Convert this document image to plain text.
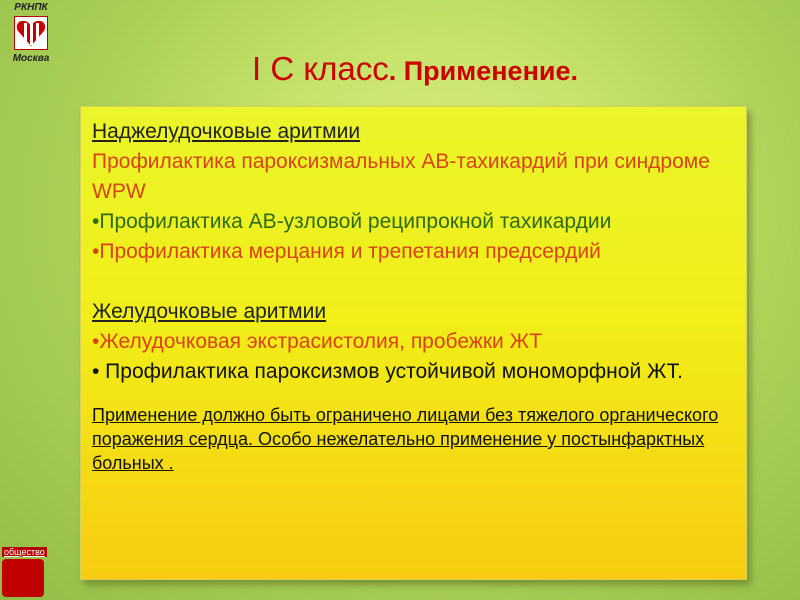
РКНПК
Москва	I C класс. Применение.

Наджелудочковые аритмии

Профилактика пароксизмальных АВ-тахикардий при синдроме WPW

•Профилактика АВ-узловой реципрокной тахикардии

•Профилактика мерцания и трепетания предсердий

Желудочковые аритмии

•Желудочковая экстрасистолия, пробежки ЖТ

• Профилактика пароксизмов устойчивой мономорфной ЖТ.

Применение должно быть ограничено лицами без тяжелого органического поражения сердца. Особо нежелательно применение у постынфарктных больных .

общество
